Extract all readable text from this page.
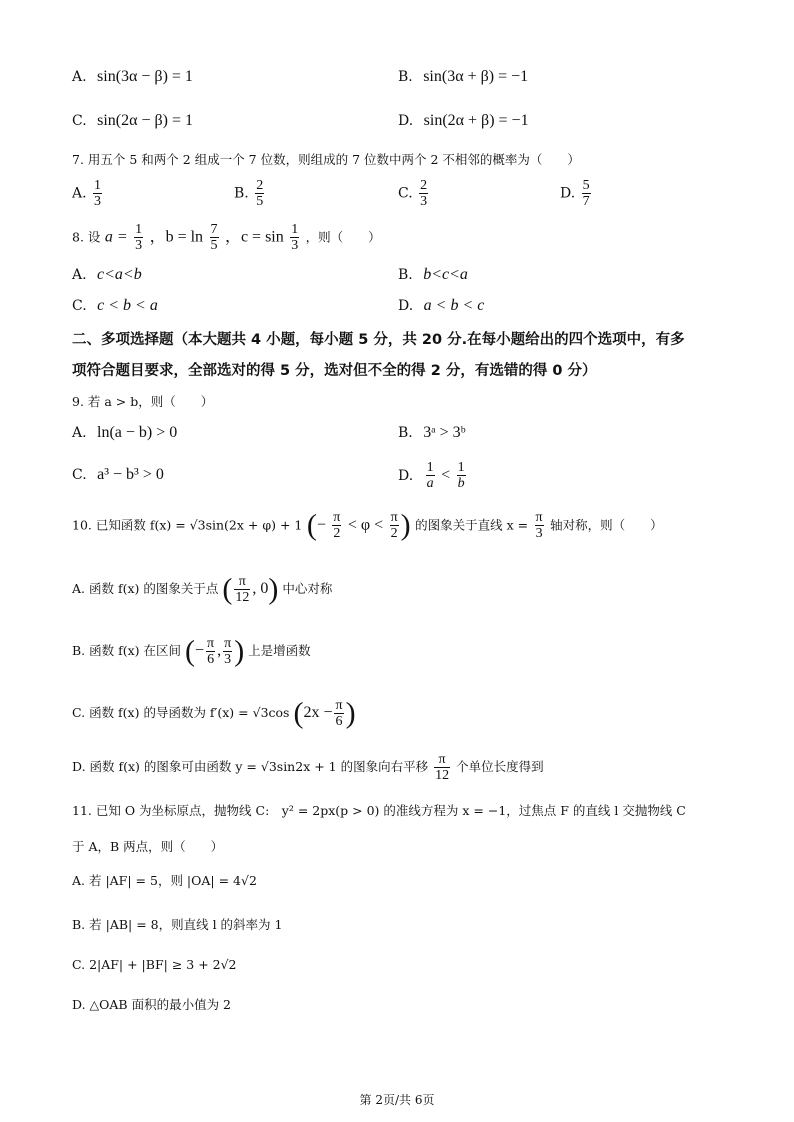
A. sin(3α − β) = 1	B. sin(3α + β) = −1
C. sin(2α − β) = 1	D. sin(2α + β) = −1
7. 用五个 5 和两个 2 组成一个 7 位数，则组成的 7 位数中两个 2 不相邻的概率为（　　）
A. $\frac{1}{3}$	B. $\frac{2}{5}$	C. $\frac{2}{3}$	D. $\frac{5}{7}$
8. 设 $a = \frac{1}{3}$ ，$b = \ln \frac{7}{5}$ ，$c = \sin \frac{1}{3}$ ，则（　　）
A. c<a<b	B. b<c<a
C. c < b < a	D. a < b < c
二、多项选择题（本大题共 4 小题，每小题 5 分，共 20 分.在每小题给出的四个选项中，有多
项符合题目要求，全部选对的得 5 分，选对但不全的得 2 分，有选错的得 0 分）
9. 若 a > b，则（　　）
A. ln(a − b) > 0	B. 3ᵃ > 3ᵇ
C. a³ − b³ > 0	D. $\frac{1}{a} < \frac{1}{b}$
10. 已知函数 f(x) = √3sin(2x + φ) + 1 (− $\frac{\pi}{2} < \varphi < \frac{\pi}{2}$ ) 的图象关于直线 $x = \frac{\pi}{3}$ 轴对称，则（　　）
A. 函数 f(x) 的图象关于点 ( $\frac{\pi}{12}$ , 0) 中心对称
B. 函数 f(x) 在区间 (− $\frac{\pi}{6}$ , $\frac{\pi}{3}$ ) 上是增函数
C. 函数 f(x) 的导函数为 f′(x) = √3cos ($2x - \frac{\pi}{6}$ )
D. 函数 f(x) 的图象可由函数 y = √3sin2x + 1 的图象向右平移 $\frac{\pi}{12}$ 个单位长度得到
11. 已知 O 为坐标原点，抛物线 C:　y² = 2px(p > 0) 的准线方程为 x = −1，过焦点 F 的直线 l 交抛物线 C
于 A，B 两点，则（　　）
A. 若 |AF| = 5，则 |OA| = 4√2
B. 若 |AB| = 8，则直线 l 的斜率为 1
C. 2|AF| + |BF| ≥ 3 + 2√2
D. △OAB 面积的最小值为 2
第 2页/共 6页
